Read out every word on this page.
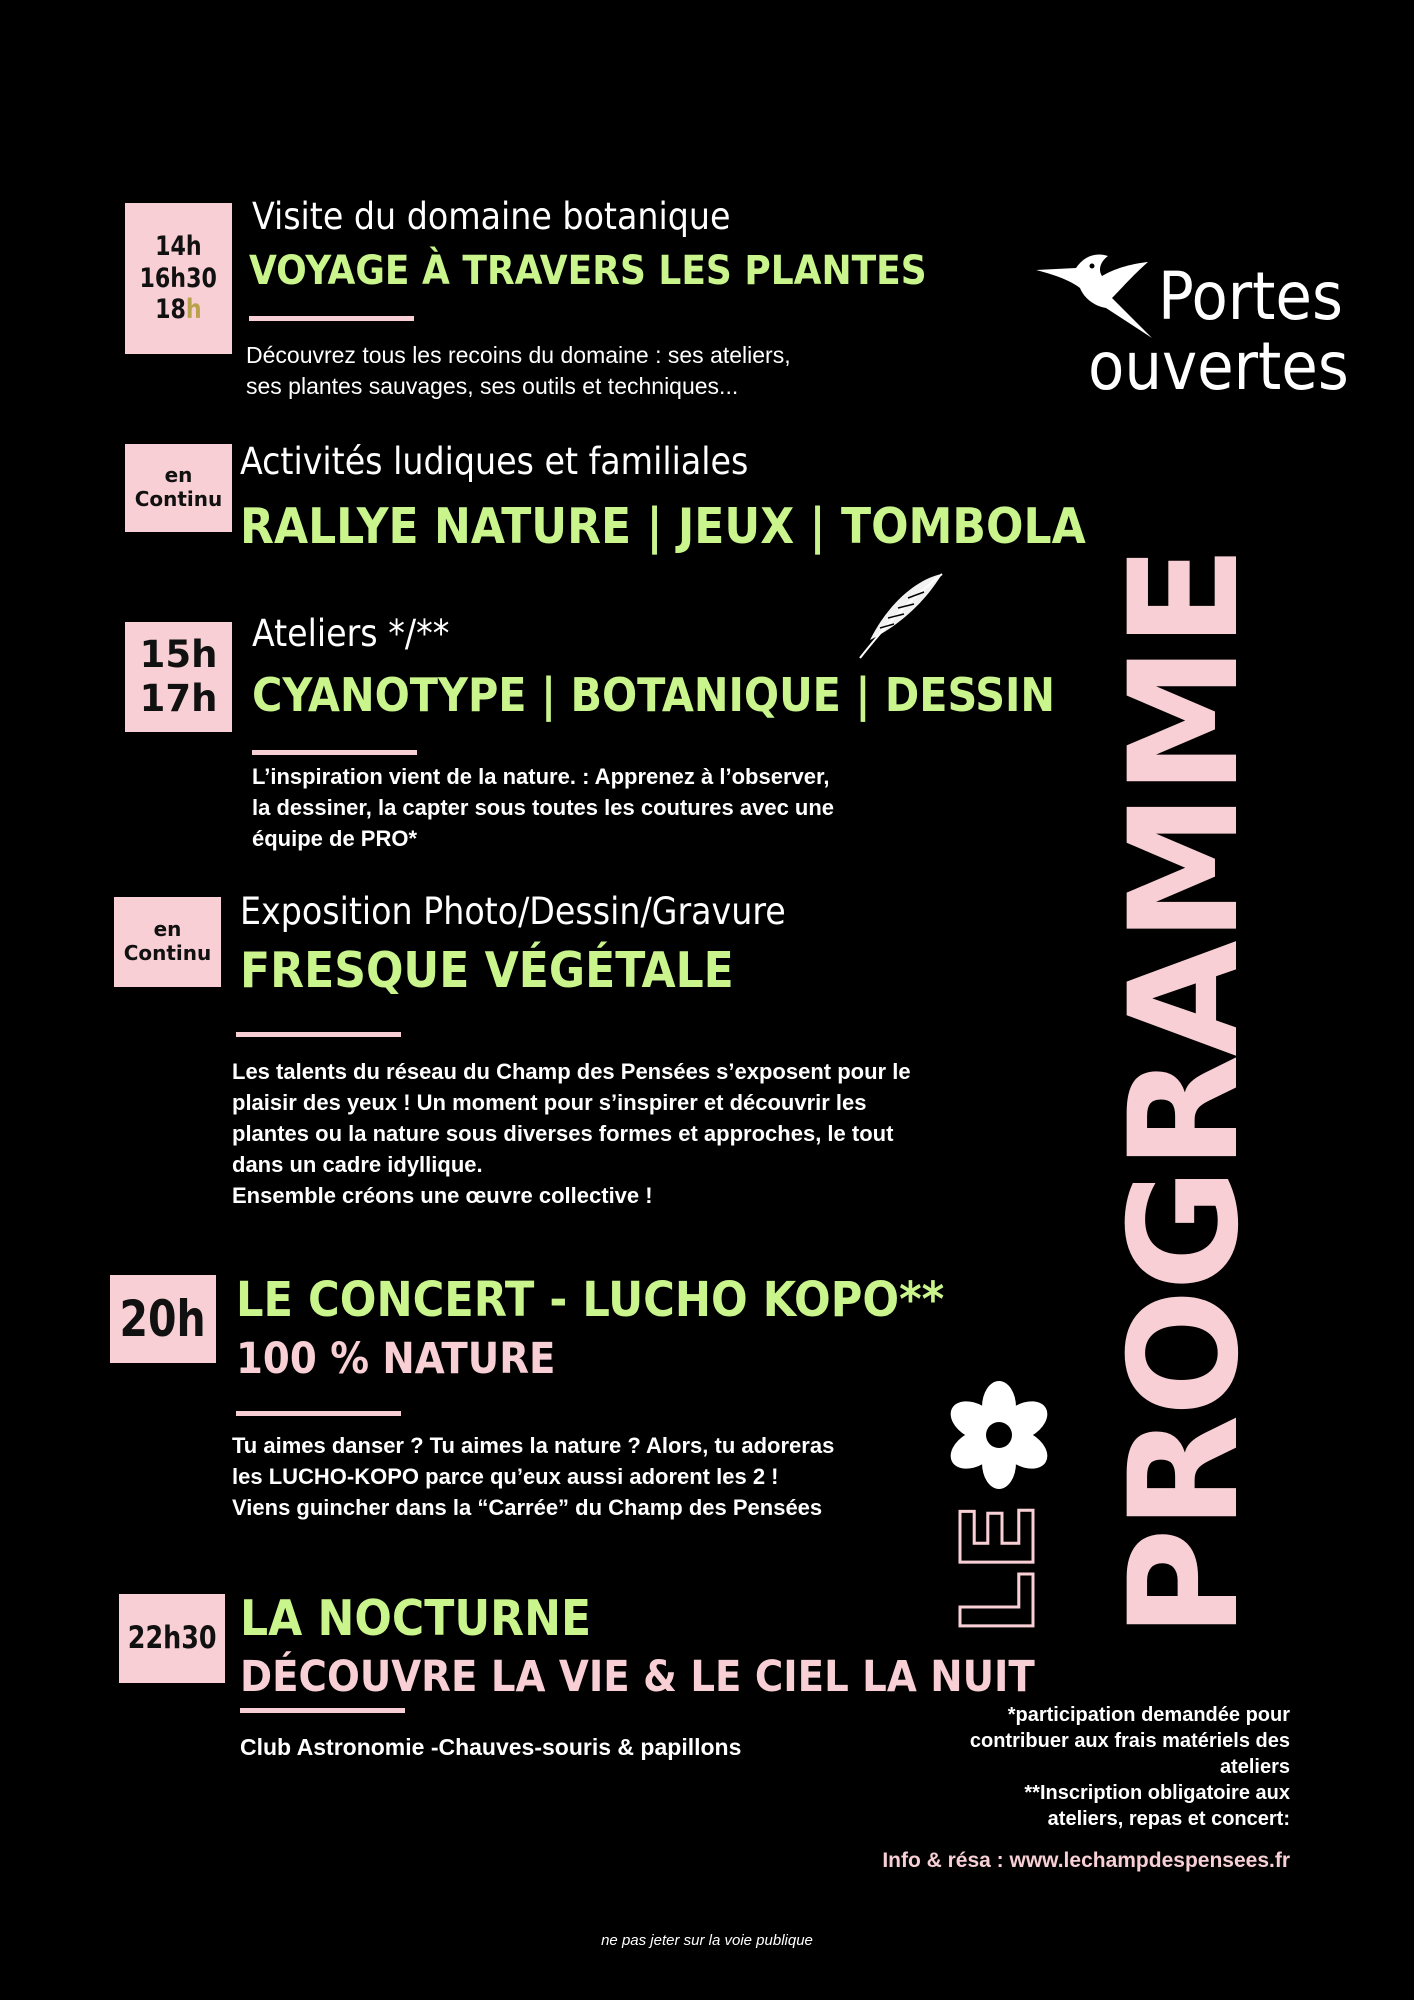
14h
16h30
18h
Visite du domaine botanique
VOYAGE À TRAVERS LES PLANTES
Découvrez tous les recoins du domaine : ses ateliers,
ses plantes sauvages, ses outils et techniques...
en
Continu
Activités ludiques et familiales
RALLYE NATURE | JEUX | TOMBOLA
15h
17h
Ateliers */**
CYANOTYPE | BOTANIQUE | DESSIN
L’inspiration vient de la nature. : Apprenez à l’observer,
la dessiner, la capter sous toutes les coutures avec une
équipe de PRO*
en
Continu
Exposition Photo/Dessin/Gravure
FRESQUE VÉGÉTALE
Les talents du réseau du Champ des Pensées s’exposent pour le
plaisir des yeux ! Un moment pour s’inspirer et découvrir les
plantes ou la nature sous diverses formes et approches, le tout
dans un cadre idyllique.
Ensemble créons une œuvre collective !
20h LE CONCERT - LUCHO KOPO**
100 % NATURE
Tu aimes danser ? Tu aimes la nature ? Alors, tu adoreras
les LUCHO-KOPO parce qu’eux aussi adorent les 2 !
Viens guincher dans la “Carrée” du Champ des Pensées
22h30 LA NOCTURNE
DÉCOUVRE LA VIE & LE CIEL LA NUIT
Club Astronomie -Chauves-souris & papillons
Portes
ouvertes
PROGRAMME
LE
*participation demandée pour
contribuer aux frais matériels des
ateliers
**Inscription obligatoire aux
ateliers, repas et concert:
Info & résa : www.lechampdespensees.fr
ne pas jeter sur la voie publique
